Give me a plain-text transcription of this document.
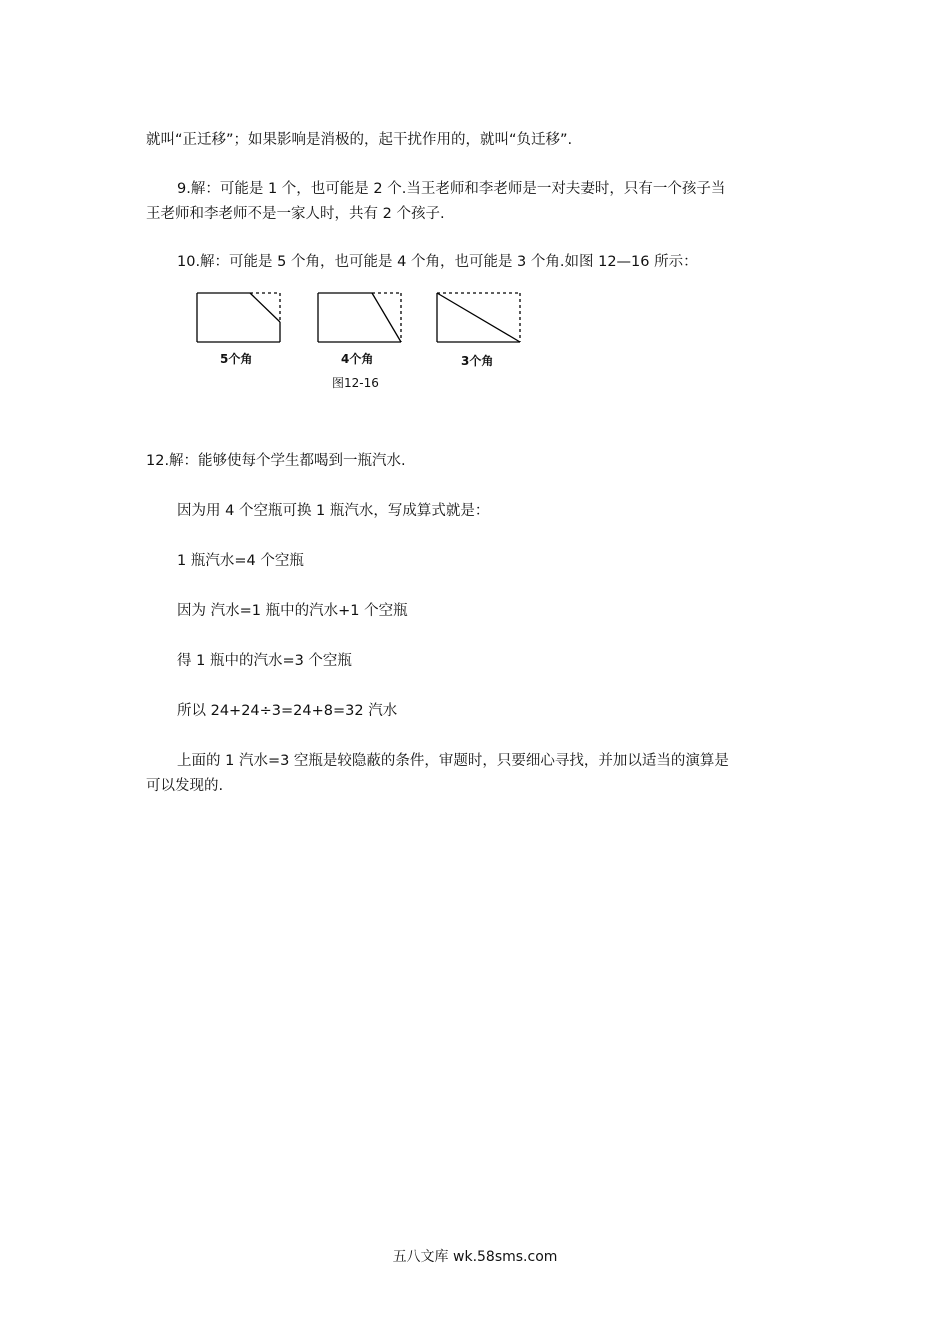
就叫“正迁移”；如果影响是消极的，起干扰作用的，就叫“负迁移”.
9.解：可能是 1 个，也可能是 2 个.当王老师和李老师是一对夫妻时，只有一个孩子当
王老师和李老师不是一家人时，共有 2 个孩子.
10.解：可能是 5 个角，也可能是 4 个角，也可能是 3 个角.如图 12—16 所示：
5个角	4个角	3个角
图12-16
12.解：能够使每个学生都喝到一瓶汽水.
因为用 4 个空瓶可换 1 瓶汽水，写成算式就是：
1 瓶汽水=4 个空瓶
因为 汽水=1 瓶中的汽水+1 个空瓶
得 1 瓶中的汽水=3 个空瓶
所以 24+24÷3=24+8=32 汽水
上面的 1 汽水=3 空瓶是较隐蔽的条件，审题时，只要细心寻找，并加以适当的演算是
可以发现的.
五八文库 wk.58sms.com
